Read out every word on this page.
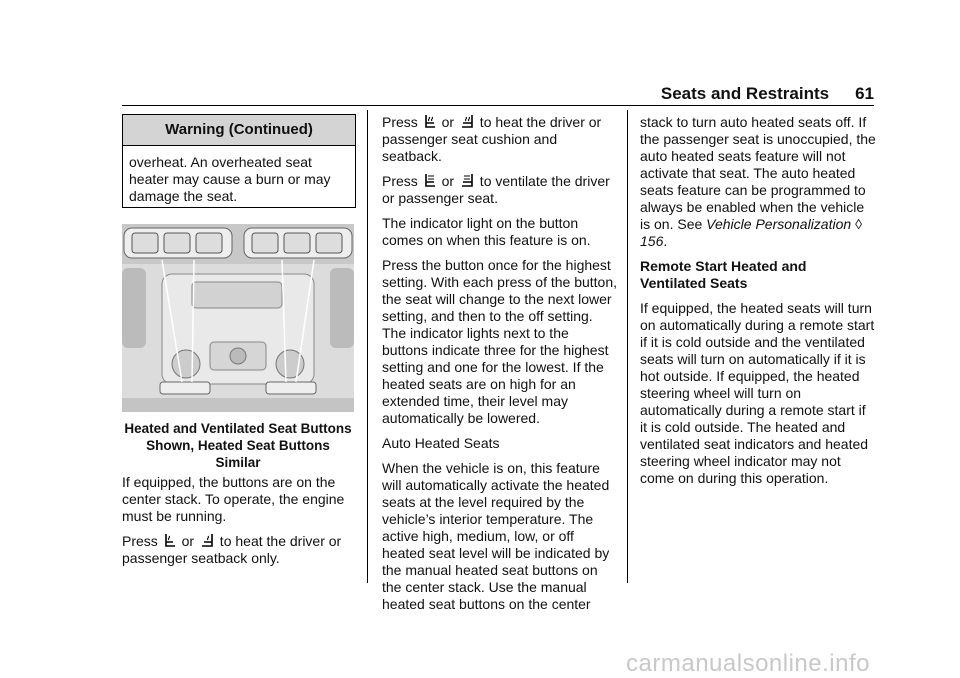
Seats and Restraints 61
Warning (Continued)
overheat. An overheated seat heater may cause a burn or may damage the seat.
Heated and Ventilated Seat Buttons Shown, Heated Seat Buttons Similar

If equipped, the buttons are on the center stack. To operate, the engine must be running.

Press  or  to heat the driver or passenger seatback only.

Press  or  to heat the driver or passenger seat cushion and seatback.

Press  or  to ventilate the driver or passenger seat.

The indicator light on the button comes on when this feature is on.

Press the button once for the highest setting. With each press of the button, the seat will change to the next lower setting, and then to the off setting. The indicator lights next to the buttons indicate three for the highest setting and one for the lowest. If the heated seats are on high for an extended time, their level may automatically be lowered.

Auto Heated Seats

When the vehicle is on, this feature will automatically activate the heated seats at the level required by the vehicle’s interior temperature. The active high, medium, low, or off heated seat level will be indicated by the manual heated seat buttons on the center stack. Use the manual heated seat buttons on the center

stack to turn auto heated seats off. If the passenger seat is unoccupied, the auto heated seats feature will not activate that seat. The auto heated seats feature can be programmed to always be enabled when the vehicle is on. See Vehicle Personalization ◊ 156.

Remote Start Heated and Ventilated Seats

If equipped, the heated seats will turn on automatically during a remote start if it is cold outside and the ventilated seats will turn on automatically if it is hot outside. If equipped, the heated steering wheel will turn on automatically during a remote start if it is cold outside. The heated and ventilated seat indicators and heated steering wheel indicator may not come on during this operation.

carmanualsonline.info
